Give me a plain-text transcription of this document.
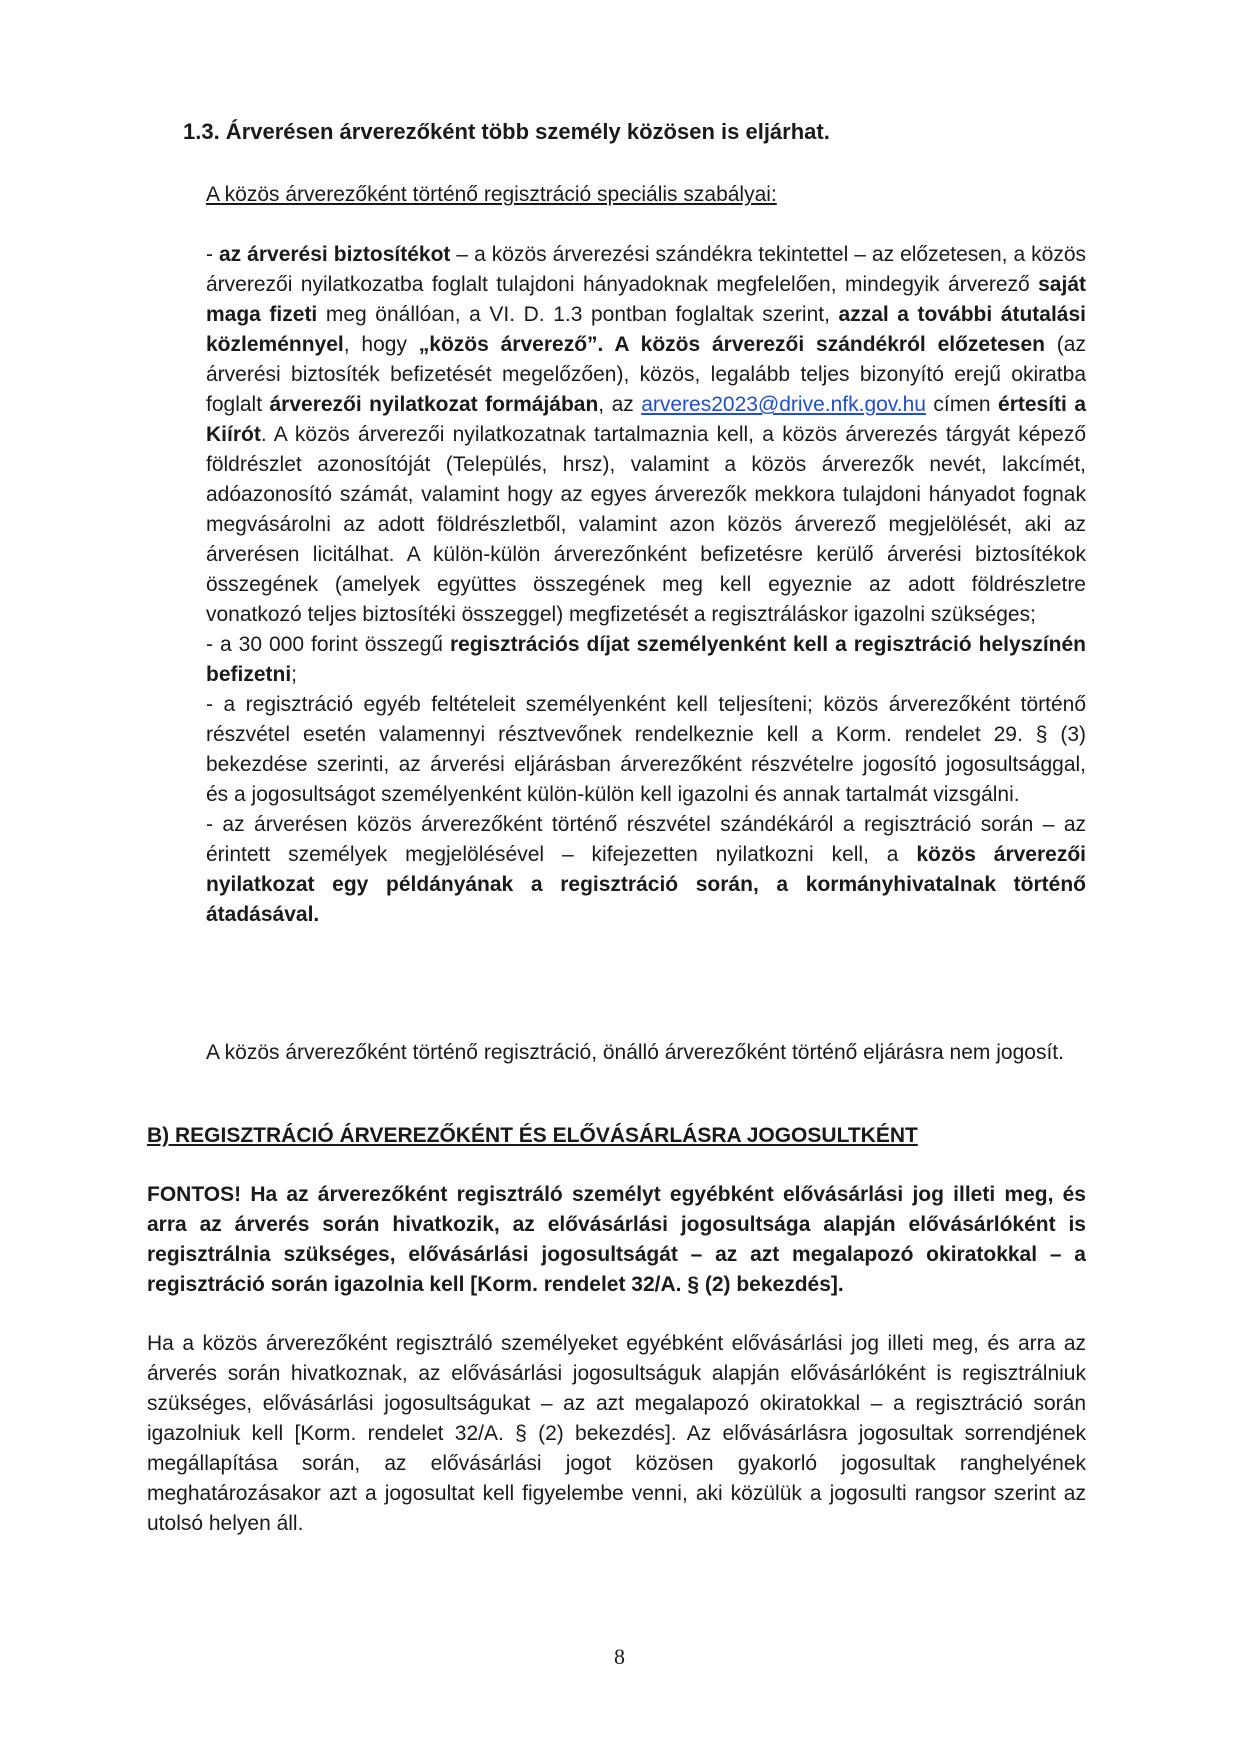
1.3. Árverésen árverezőként több személy közösen is eljárhat.

A közös árverezőként történő regisztráció speciális szabályai:

- az árverési biztosítékot – a közös árverezési szándékra tekintettel – az előzetesen, a közös árverezői nyilatkozatba foglalt tulajdoni hányadoknak megfelelően, mindegyik árverező saját maga fizeti meg önállóan, a VI. D. 1.3 pontban foglaltak szerint, azzal a további átutalási közleménnyel, hogy „közös árverező”. A közös árverezői szándékról előzetesen (az árverési biztosíték befizetését megelőzően), közös, legalább teljes bizonyító erejű okiratba foglalt árverezői nyilatkozat formájában, az arveres2023@drive.nfk.gov.hu címen értesíti a Kiírót. A közös árverezői nyilatkozatnak tartalmaznia kell, a közös árverezés tárgyát képező földrészlet azonosítóját (Település, hrsz), valamint a közös árverezők nevét, lakcímét, adóazonosító számát, valamint hogy az egyes árverezők mekkora tulajdoni hányadot fognak megvásárolni az adott földrészletből, valamint azon közös árverező megjelölését, aki az árverésen licitálhat. A külön-külön árverezőnként befizetésre kerülő árverési biztosítékok összegének (amelyek együttes összegének meg kell egyeznie az adott földrészletre vonatkozó teljes biztosítéki összeggel) megfizetését a regisztráláskor igazolni szükséges;
- a 30 000 forint összegű regisztrációs díjat személyenként kell a regisztráció helyszínén befizetni;
- a regisztráció egyéb feltételeit személyenként kell teljesíteni; közös árverezőként történő részvétel esetén valamennyi résztvevőnek rendelkeznie kell a Korm. rendelet 29. § (3) bekezdése szerinti, az árverési eljárásban árverezőként részvételre jogosító jogosultsággal, és a jogosultságot személyenként külön-külön kell igazolni és annak tartalmát vizsgálni.
- az árverésen közös árverezőként történő részvétel szándékáról a regisztráció során – az érintett személyek megjelölésével – kifejezetten nyilatkozni kell, a közös árverezői nyilatkozat egy példányának a regisztráció során, a kormányhivatalnak történő átadásával.

A közös árverezőként történő regisztráció, önálló árverezőként történő eljárásra nem jogosít.

B) REGISZTRÁCIÓ ÁRVEREZŐKÉNT ÉS ELŐVÁSÁRLÁSRA JOGOSULTKÉNT

FONTOS! Ha az árverezőként regisztráló személyt egyébként elővásárlási jog illeti meg, és arra az árverés során hivatkozik, az elővásárlási jogosultsága alapján elővásárlóként is regisztrálnia szükséges, elővásárlási jogosultságát – az azt megalapozó okiratokkal – a regisztráció során igazolnia kell [Korm. rendelet 32/A. § (2) bekezdés].

Ha a közös árverezőként regisztráló személyeket egyébként elővásárlási jog illeti meg, és arra az árverés során hivatkoznak, az elővásárlási jogosultságuk alapján elővásárlóként is regisztrálniuk szükséges, elővásárlási jogosultságukat – az azt megalapozó okiratokkal – a regisztráció során igazolniuk kell [Korm. rendelet 32/A. § (2) bekezdés]. Az elővásárlásra jogosultak sorrendjének megállapítása során, az elővásárlási jogot közösen gyakorló jogosultak ranghelyének meghatározásakor azt a jogosultat kell figyelembe venni, aki közülük a jogosulti rangsor szerint az utolsó helyen áll.

8
